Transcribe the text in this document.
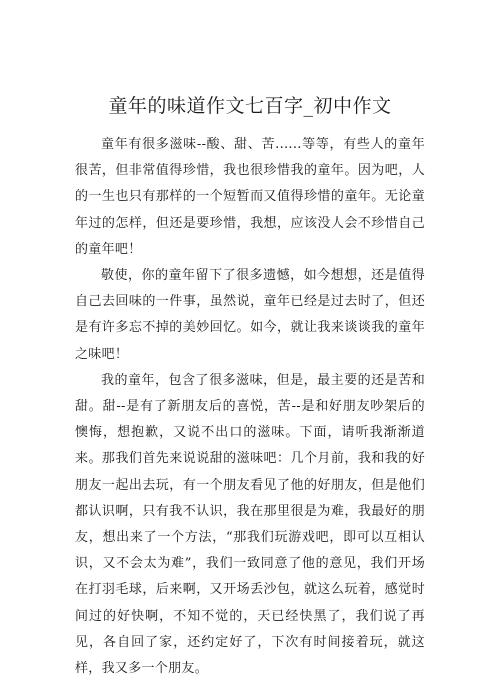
童年的味道作文七百字_初中作文

童年有很多滋味--酸、甜、苦......等等，有些人的童年很苦，但非常值得珍惜，我也很珍惜我的童年。因为吧，人的一生也只有那样的一个短暂而又值得珍惜的童年。无论童年过的怎样，但还是要珍惜，我想，应该没人会不珍惜自己的童年吧！

敬使，你的童年留下了很多遗憾，如今想想，还是值得自己去回味的一件事，虽然说，童年已经是过去时了，但还是有许多忘不掉的美妙回忆。如今，就让我来谈谈我的童年之味吧！

我的童年，包含了很多滋味，但是，最主要的还是苦和甜。甜--是有了新朋友后的喜悦，苦--是和好朋友吵架后的懊悔，想抱歉，又说不出口的滋味。下面，请听我渐渐道来。那我们首先来说说甜的滋味吧：几个月前，我和我的好朋友一起出去玩，有一个朋友看见了他的好朋友，但是他们都认识啊，只有我不认识，我在那里很是为难，我最好的朋友，想出来了一个方法，“那我们玩游戏吧，即可以互相认识，又不会太为难”，我们一致同意了他的意见，我们开场在打羽毛球，后来啊，又开场丢沙包，就这么玩着，感觉时间过的好快啊，不知不觉的，天已经快黑了，我们说了再见，各自回了家，还约定好了，下次有时间接着玩，就这样，我又多一个朋友。
